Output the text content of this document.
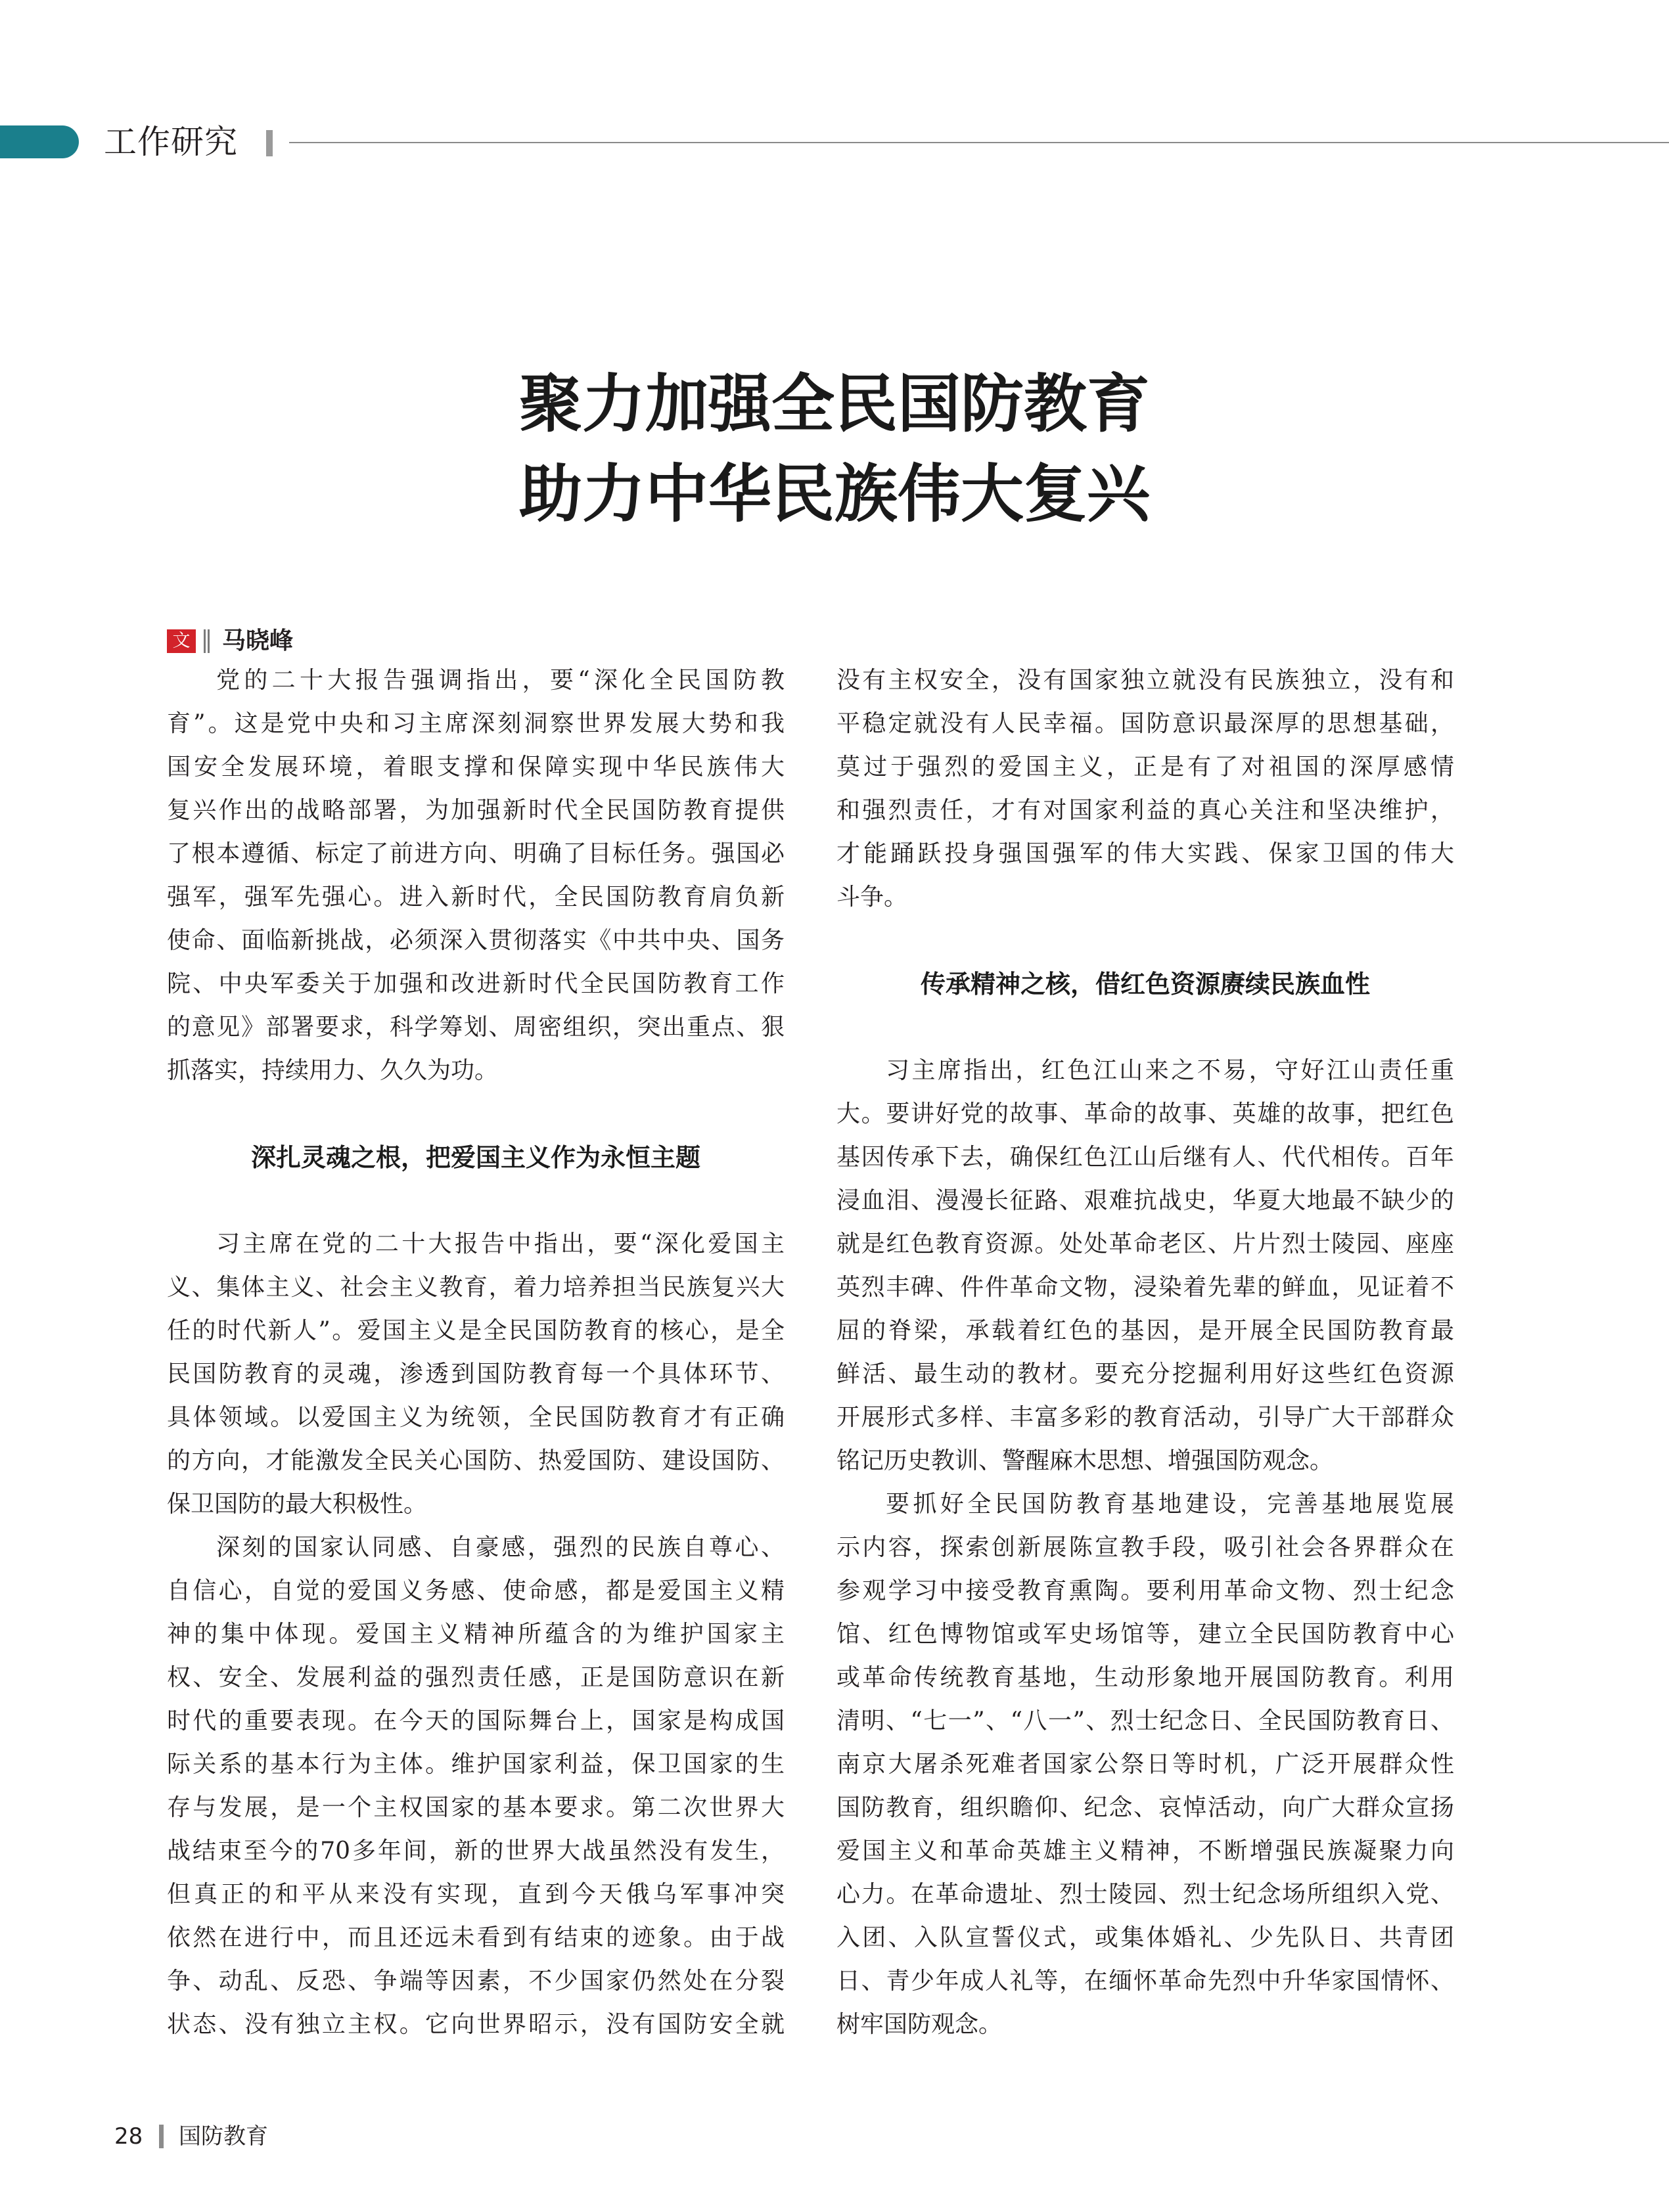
工作研究
聚力加强全民国防教育
助力中华民族伟大复兴
文 马晓峰
党的二十大报告强调指出，要“深化全民国防教
育”。这是党中央和习主席深刻洞察世界发展大势和我
国安全发展环境，着眼支撑和保障实现中华民族伟大
复兴作出的战略部署，为加强新时代全民国防教育提供
了根本遵循、标定了前进方向、明确了目标任务。强国必
强军，强军先强心。进入新时代，全民国防教育肩负新
使命、面临新挑战，必须深入贯彻落实《中共中央、国务
院、中央军委关于加强和改进新时代全民国防教育工作
的意见》部署要求，科学筹划、周密组织，突出重点、狠
抓落实，持续用力、久久为功。
深扎灵魂之根，把爱国主义作为永恒主题
习主席在党的二十大报告中指出，要“深化爱国主
义、集体主义、社会主义教育，着力培养担当民族复兴大
任的时代新人”。爱国主义是全民国防教育的核心，是全
民国防教育的灵魂，渗透到国防教育每一个具体环节、
具体领域。以爱国主义为统领，全民国防教育才有正确
的方向，才能激发全民关心国防、热爱国防、建设国防、
保卫国防的最大积极性。
深刻的国家认同感、自豪感，强烈的民族自尊心、
自信心，自觉的爱国义务感、使命感，都是爱国主义精
神的集中体现。爱国主义精神所蕴含的为维护国家主
权、安全、发展利益的强烈责任感，正是国防意识在新
时代的重要表现。在今天的国际舞台上，国家是构成国
际关系的基本行为主体。维护国家利益，保卫国家的生
存与发展，是一个主权国家的基本要求。第二次世界大
战结束至今的70多年间，新的世界大战虽然没有发生，
但真正的和平从来没有实现，直到今天俄乌军事冲突
依然在进行中，而且还远未看到有结束的迹象。由于战
争、动乱、反恐、争端等因素，不少国家仍然处在分裂
状态、没有独立主权。它向世界昭示，没有国防安全就
没有主权安全，没有国家独立就没有民族独立，没有和
平稳定就没有人民幸福。国防意识最深厚的思想基础，
莫过于强烈的爱国主义，正是有了对祖国的深厚感情
和强烈责任，才有对国家利益的真心关注和坚决维护，
才能踊跃投身强国强军的伟大实践、保家卫国的伟大
斗争。
传承精神之核，借红色资源赓续民族血性
习主席指出，红色江山来之不易，守好江山责任重
大。要讲好党的故事、革命的故事、英雄的故事，把红色
基因传承下去，确保红色江山后继有人、代代相传。百年
浸血泪、漫漫长征路、艰难抗战史，华夏大地最不缺少的
就是红色教育资源。处处革命老区、片片烈士陵园、座座
英烈丰碑、件件革命文物，浸染着先辈的鲜血，见证着不
屈的脊梁，承载着红色的基因，是开展全民国防教育最
鲜活、最生动的教材。要充分挖掘利用好这些红色资源
开展形式多样、丰富多彩的教育活动，引导广大干部群众
铭记历史教训、警醒麻木思想、增强国防观念。
要抓好全民国防教育基地建设，完善基地展览展
示内容，探索创新展陈宣教手段，吸引社会各界群众在
参观学习中接受教育熏陶。要利用革命文物、烈士纪念
馆、红色博物馆或军史场馆等，建立全民国防教育中心
或革命传统教育基地，生动形象地开展国防教育。利用
清明、“七一”、“八一”、烈士纪念日、全民国防教育日、
南京大屠杀死难者国家公祭日等时机，广泛开展群众性
国防教育，组织瞻仰、纪念、哀悼活动，向广大群众宣扬
爱国主义和革命英雄主义精神，不断增强民族凝聚力向
心力。在革命遗址、烈士陵园、烈士纪念场所组织入党、
入团、入队宣誓仪式，或集体婚礼、少先队日、共青团
日、青少年成人礼等，在缅怀革命先烈中升华家国情怀、
树牢国防观念。
28 国防教育
